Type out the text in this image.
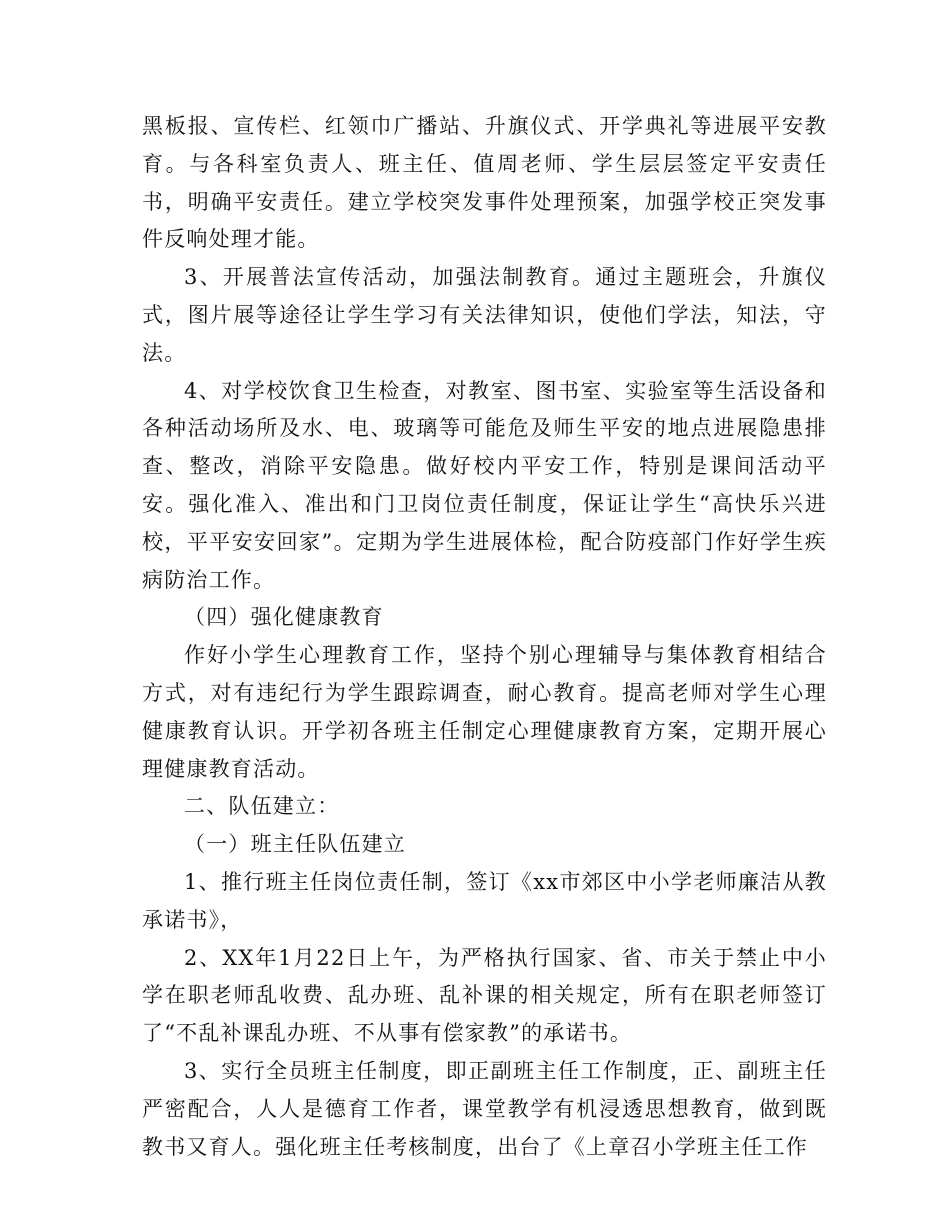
黑板报、宣传栏、红领巾广播站、升旗仪式、开学典礼等进展平安教育。与各科室负责人、班主任、值周老师、学生层层签定平安责任书，明确平安责任。建立学校突发事件处理预案，加强学校正突发事件反响处理才能。

3、开展普法宣传活动，加强法制教育。通过主题班会，升旗仪式，图片展等途径让学生学习有关法律知识，使他们学法，知法，守法。

4、对学校饮食卫生检查，对教室、图书室、实验室等生活设备和各种活动场所及水、电、玻璃等可能危及师生平安的地点进展隐患排查、整改，消除平安隐患。做好校内平安工作，特别是课间活动平安。强化准入、准出和门卫岗位责任制度，保证让学生“高快乐兴进校，平平安安回家”。定期为学生进展体检，配合防疫部门作好学生疾病防治工作。

（四）强化健康教育

作好小学生心理教育工作，坚持个别心理辅导与集体教育相结合方式，对有违纪行为学生跟踪调查，耐心教育。提高老师对学生心理健康教育认识。开学初各班主任制定心理健康教育方案，定期开展心理健康教育活动。

二、队伍建立：

（一）班主任队伍建立

1、推行班主任岗位责任制，签订《xx市郊区中小学老师廉洁从教承诺书》，

2、XX年1月22日上午，为严格执行国家、省、市关于禁止中小学在职老师乱收费、乱办班、乱补课的相关规定，所有在职老师签订了“不乱补课乱办班、不从事有偿家教”的承诺书。

3、实行全员班主任制度，即正副班主任工作制度，正、副班主任严密配合，人人是德育工作者，课堂教学有机浸透思想教育，做到既教书又育人。强化班主任考核制度，出台了《上章召小学班主任工作
